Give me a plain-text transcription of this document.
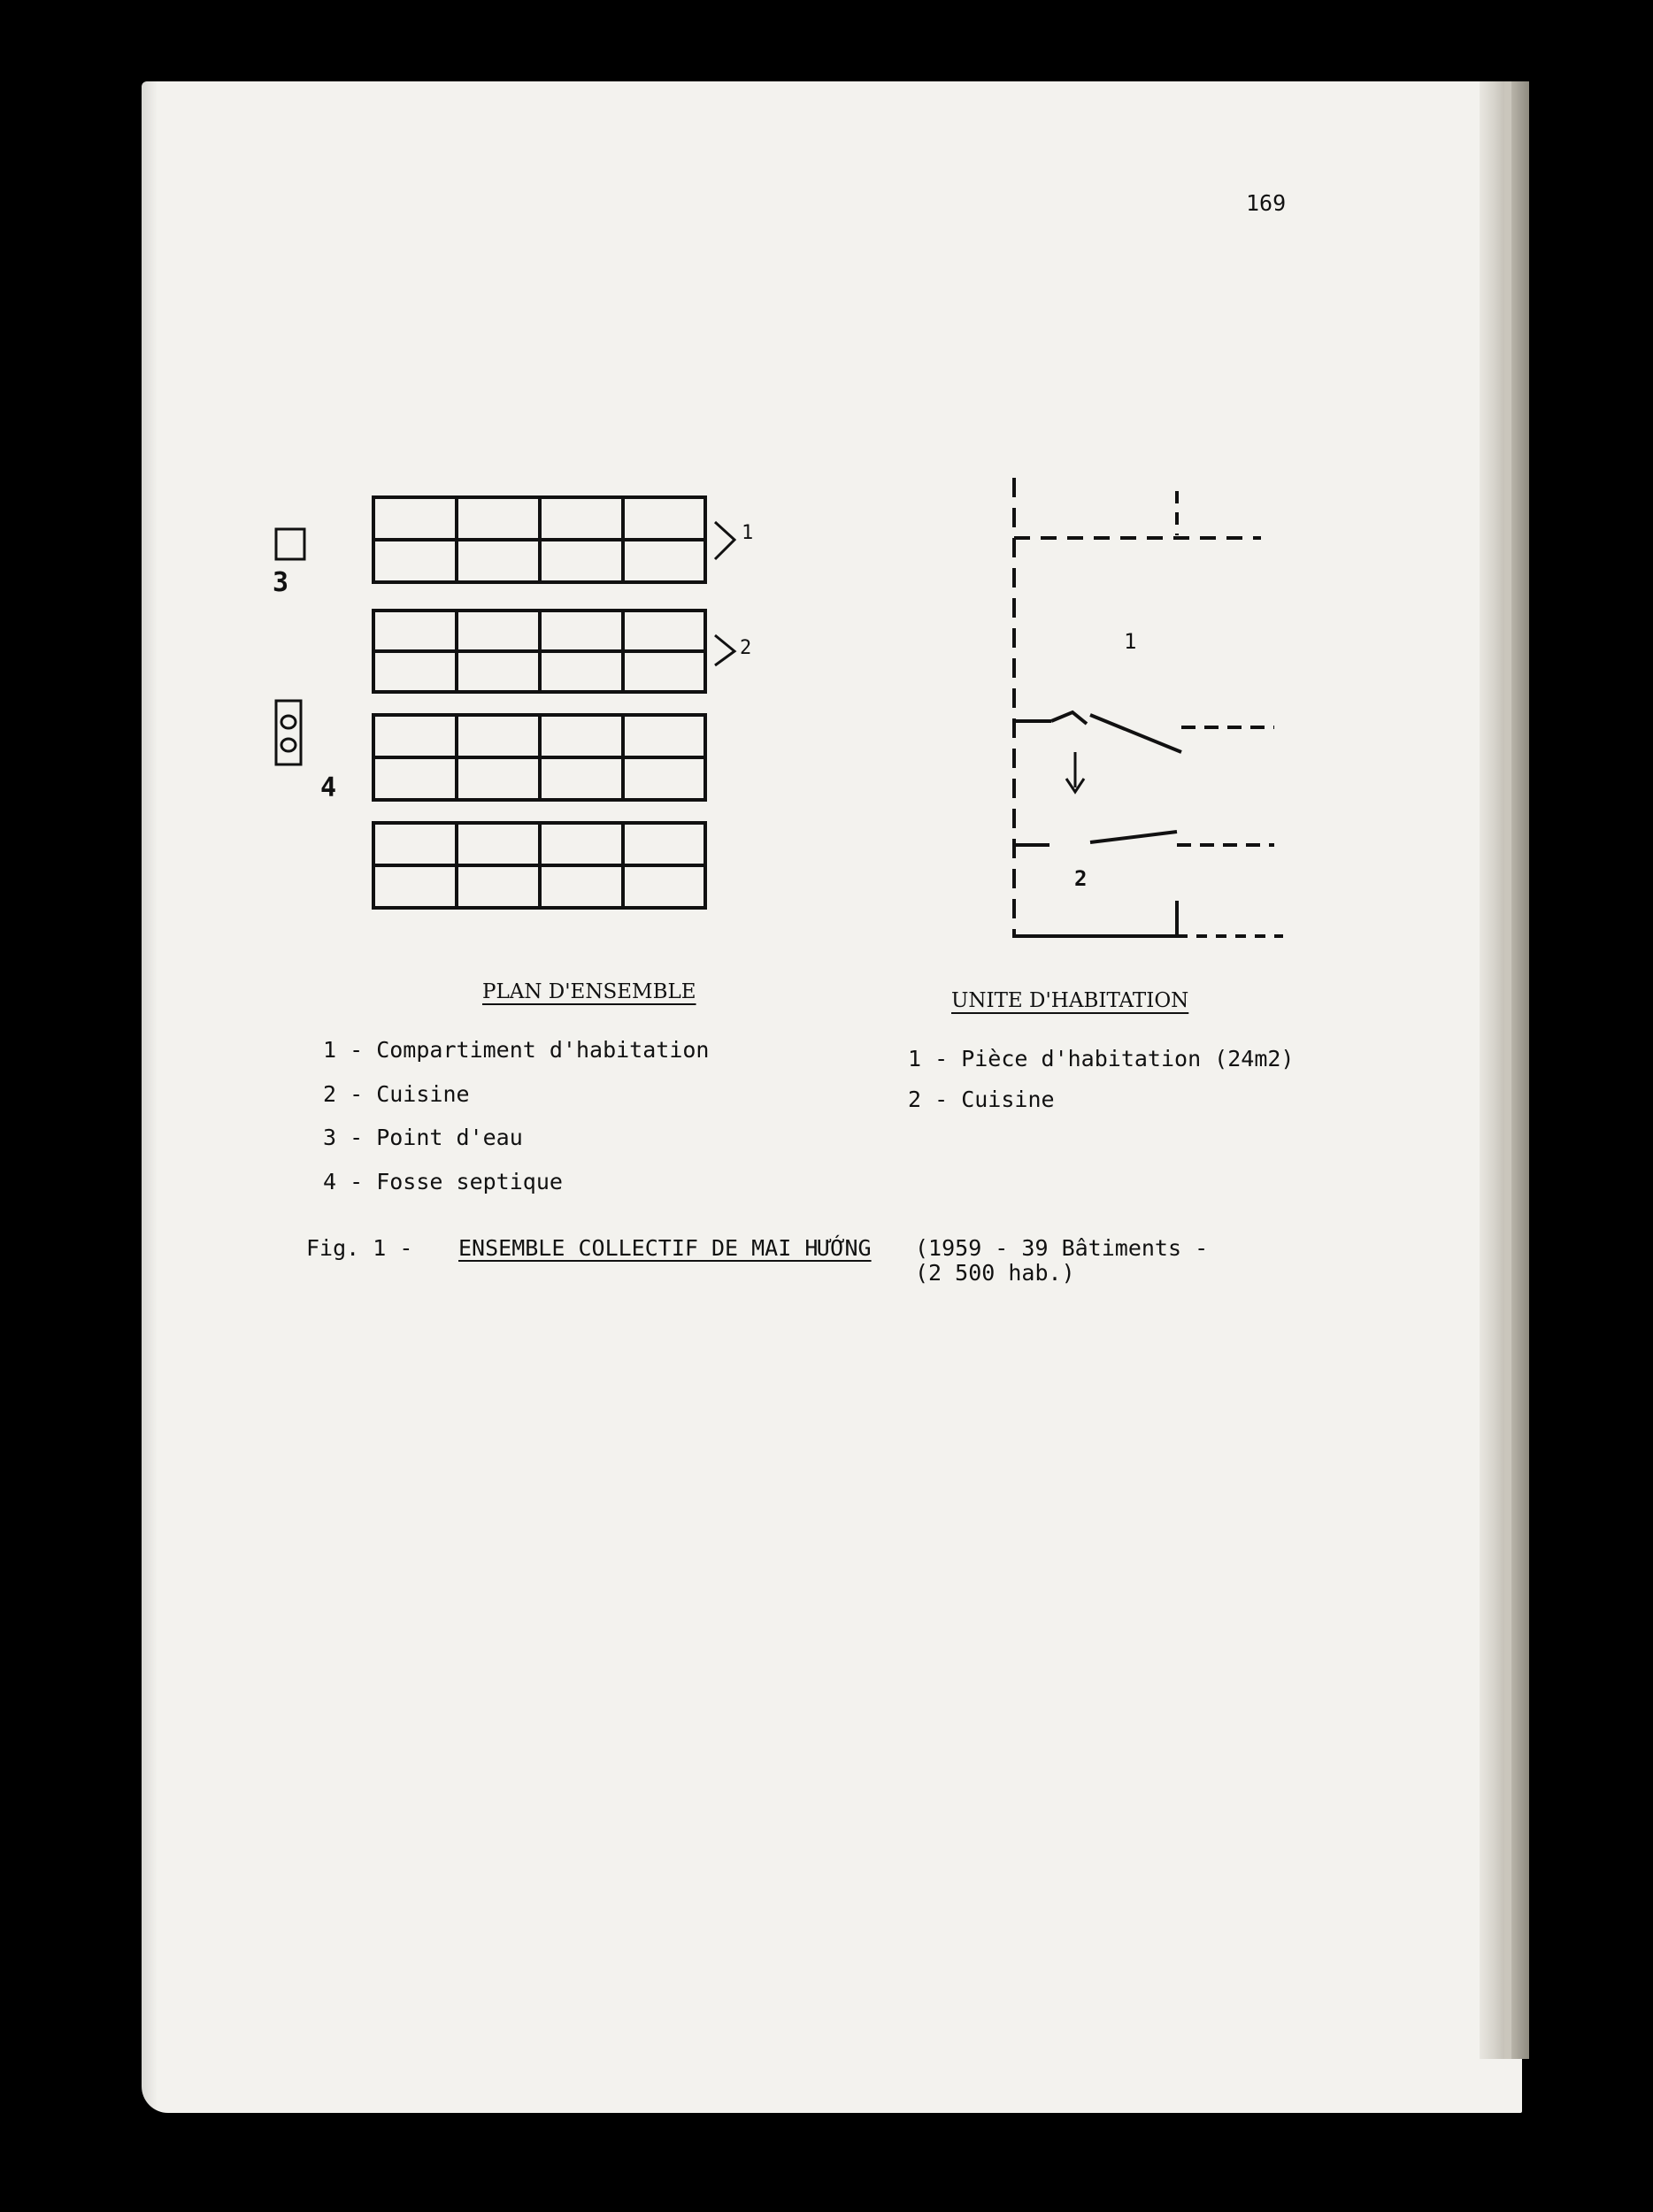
169
1
2
3
4
1
2
PLAN D'ENSEMBLE	UNITE D'HABITATION
1 - Compartiment d'habitation
2 - Cuisine
3 - Point d'eau
4 - Fosse septique
1 - Pièce d'habitation (24m2)
2 - Cuisine
Fig. 1 - ENSEMBLE COLLECTIF DE MAI HƯỚNG (1959 - 39 Bâtiments -
(2 500 hab.)
